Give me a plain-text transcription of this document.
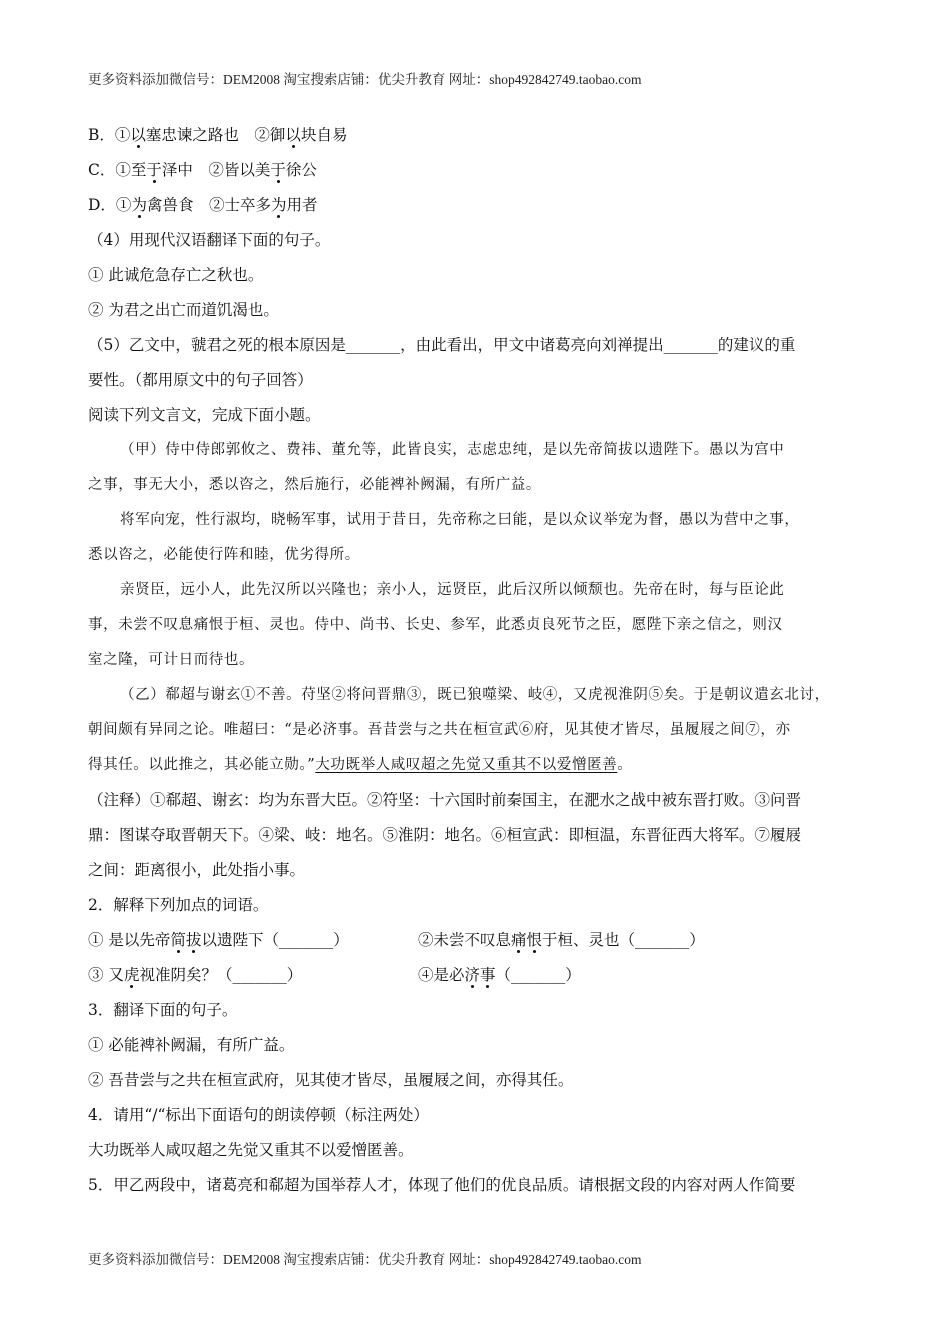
更多资料添加微信号：DEM2008 淘宝搜索店铺：优尖升教育 网址：shop492842749.taobao.com
B．①以塞忠谏之路也　②御以块自易
C．①至于泽中　②皆以美于徐公
D．①为禽兽食　②士卒多为用者
（4）用现代汉语翻译下面的句子。
① 此诚危急存亡之秋也。
② 为君之出亡而道饥渴也。
（5）乙文中，虢君之死的根本原因是_______，由此看出，甲文中诸葛亮向刘禅提出_______的建议的重
要性。（都用原文中的句子回答）
阅读下列文言文，完成下面小题。
（甲）侍中侍郎郭攸之、费祎、董允等，此皆良实，志虑忠纯，是以先帝简拔以遗陛下。愚以为宫中
之事，事无大小，悉以咨之，然后施行，必能裨补阙漏，有所广益。
将军向宠，性行淑均，晓畅军事，试用于昔日，先帝称之曰能，是以众议举宠为督，愚以为营中之事，
悉以咨之，必能使行阵和睦，优劣得所。
亲贤臣，远小人，此先汉所以兴隆也；亲小人，远贤臣，此后汉所以倾颓也。先帝在时，每与臣论此
事，未尝不叹息痛恨于桓、灵也。侍中、尚书、长史、参军，此悉贞良死节之臣，愿陛下亲之信之，则汉
室之隆，可计日而待也。
（乙）郗超与谢玄①不善。苻坚②将问晋鼎③，既已狼噬梁、岐④，又虎视淮阴⑤矣。于是朝议遣玄北讨，
朝间颇有异同之论。唯超曰：“是必济事。吾昔尝与之共在桓宣武⑥府，见其使才皆尽，虽履屐之间⑦，亦
得其任。以此推之，其必能立勋。”大功既举人咸叹超之先觉又重其不以爱憎匿善。
（注释）①郗超、谢玄：均为东晋大臣。②符坚：十六国时前秦国主，在淝水之战中被东晋打败。③问晋
鼎：图谋夺取晋朝天下。④梁、岐：地名。⑤淮阴：地名。⑥桓宣武：即桓温，东晋征西大将军。⑦履屐
之间：距离很小，此处指小事。
2．解释下列加点的词语。
① 是以先帝简拔以遗陛下（_______）	②未尝不叹息痛恨于桓、灵也（_______）
③ 又虎视准阴矣？（_______）	④是必济事（_______）
3．翻译下面的句子。
① 必能裨补阙漏，有所广益。
② 吾昔尝与之共在桓宣武府，见其使才皆尽，虽履屐之间，亦得其任。
4．请用“/“标出下面语句的朗读停顿（标注两处）
大功既举人咸叹超之先觉又重其不以爱憎匿善。
5．甲乙两段中，诸葛亮和郗超为国举荐人才，体现了他们的优良品质。请根据文段的内容对两人作简要
更多资料添加微信号：DEM2008 淘宝搜索店铺：优尖升教育 网址：shop492842749.taobao.com
